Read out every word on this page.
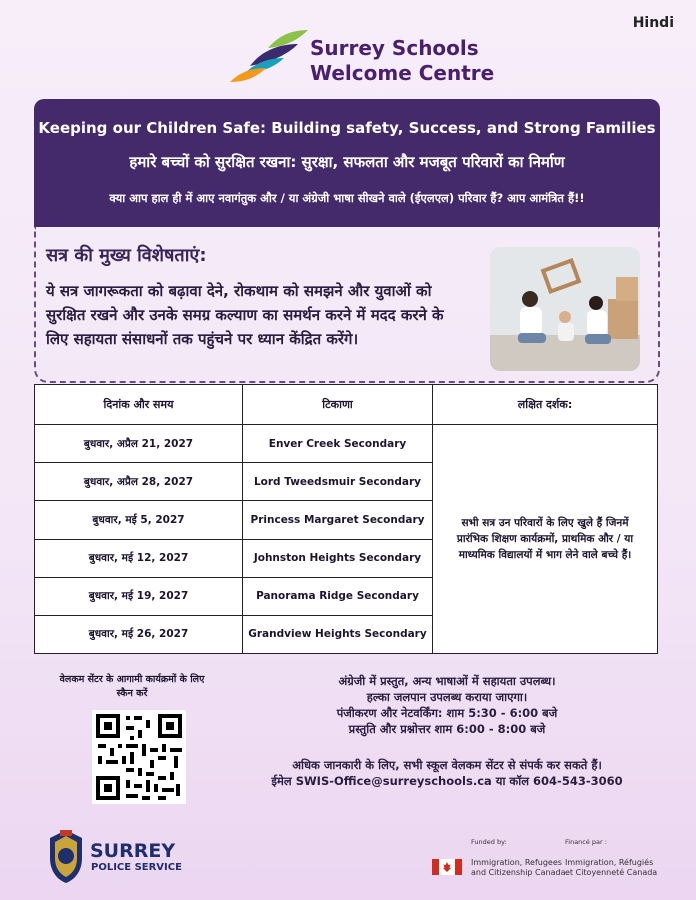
Hindi
Surrey Schools
Welcome Centre
Keeping our Children Safe: Building safety, Success, and Strong Families
हमारे बच्चों को सुरक्षित रखना: सुरक्षा, सफलता और मजबूत परिवारों का निर्माण
क्या आप हाल ही में आए नवागंतुक और / या अंग्रेजी भाषा सीखने वाले (ईएलएल) परिवार हैं? आप आमंत्रित हैं!!
सत्र की मुख्य विशेषताएं:
ये सत्र जागरूकता को बढ़ावा देने, रोकथाम को समझने और युवाओं को सुरक्षित रखने और उनके समग्र कल्याण का समर्थन करने में मदद करने के लिए सहायता संसाधनों तक पहुंचने पर ध्यान केंद्रित करेंगे।
दिनांक और समय	टिकाणा	लक्षित दर्शक:
बुधवार, अप्रैल 21, 2027	Enver Creek Secondary	सभी सत्र उन परिवारों के लिए खुले हैं जिनमें प्रारंभिक शिक्षण कार्यक्रमों, प्राथमिक और / या माध्यमिक विद्यालयों में भाग लेने वाले बच्चे हैं।
बुधवार, अप्रैल 28, 2027	Lord Tweedsmuir Secondary	
बुधवार, मई 5, 2027	Princess Margaret Secondary	
बुधवार, मई 12, 2027	Johnston Heights Secondary	
बुधवार, मई 19, 2027	Panorama Ridge Secondary	
बुधवार, मई 26, 2027	Grandview Heights Secondary	
वेलकम सेंटर के आगामी कार्यक्रमों के लिए स्कैन करें
अंग्रेजी में प्रस्तुत, अन्य भाषाओं में सहायता उपलब्ध।
हल्का जलपान उपलब्ध कराया जाएगा।
पंजीकरण और नेटवर्किंग: शाम 5:30 - 6:00 बजे
प्रस्तुति और प्रश्नोत्तर शाम 6:00 - 8:00 बजे
अधिक जानकारी के लिए, सभी स्कूल वेलकम सेंटर से संपर्क कर सकते हैं।
ईमेल SWIS-Office@surreyschools.ca या कॉल 604-543-3060
SURREY
POLICE SERVICE
Funded by:	Financé par :
Immigration, Refugees
and Citizenship Canada
Immigration, Réfugiés
et Citoyenneté Canada
